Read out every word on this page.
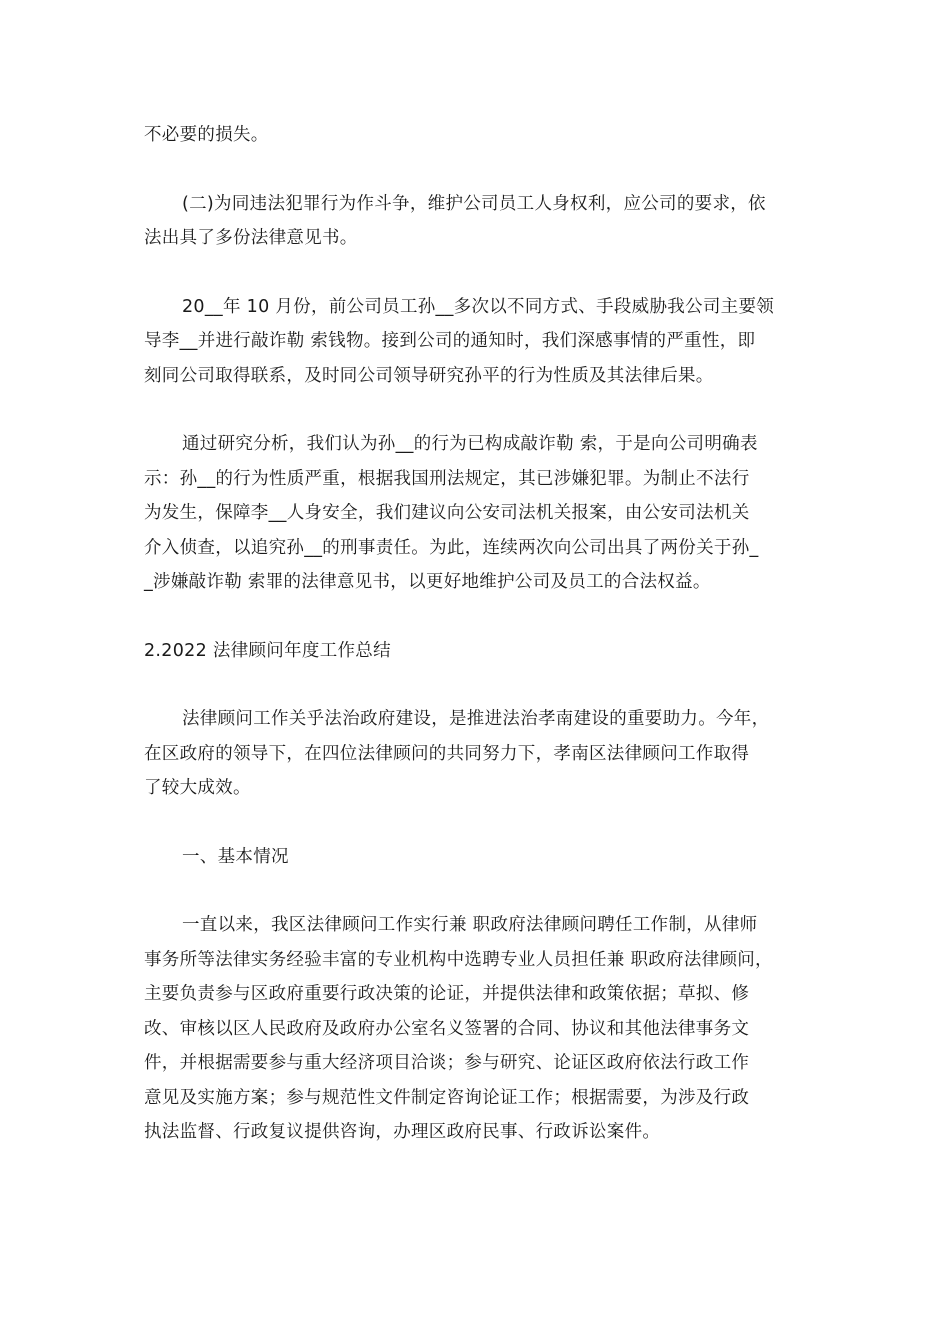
不必要的损失。

(二)为同违法犯罪行为作斗争，维护公司员工人身权利，应公司的要求，依
法出具了多份法律意见书。

20__年 10 月份，前公司员工孙__多次以不同方式、手段威胁我公司主要领
导李__并进行敲诈勒 索钱物。接到公司的通知时，我们深感事情的严重性，即
刻同公司取得联系，及时同公司领导研究孙平的行为性质及其法律后果。

通过研究分析，我们认为孙__的行为已构成敲诈勒 索，于是向公司明确表
示：孙__的行为性质严重，根据我国刑法规定，其已涉嫌犯罪。为制止不法行
为发生，保障李__人身安全，我们建议向公安司法机关报案，由公安司法机关
介入侦查，以追究孙__的刑事责任。为此，连续两次向公司出具了两份关于孙_
_涉嫌敲诈勒 索罪的法律意见书，以更好地维护公司及员工的合法权益。

2.2022 法律顾问年度工作总结

法律顾问工作关乎法治政府建设，是推进法治孝南建设的重要助力。今年，
在区政府的领导下，在四位法律顾问的共同努力下，孝南区法律顾问工作取得
了较大成效。

一、基本情况

一直以来，我区法律顾问工作实行兼 职政府法律顾问聘任工作制，从律师
事务所等法律实务经验丰富的专业机构中选聘专业人员担任兼 职政府法律顾问，
主要负责参与区政府重要行政决策的论证，并提供法律和政策依据；草拟、修
改、审核以区人民政府及政府办公室名义签署的合同、协议和其他法律事务文
件，并根据需要参与重大经济项目洽谈；参与研究、论证区政府依法行政工作
意见及实施方案；参与规范性文件制定咨询论证工作；根据需要，为涉及行政
执法监督、行政复议提供咨询，办理区政府民事、行政诉讼案件。
